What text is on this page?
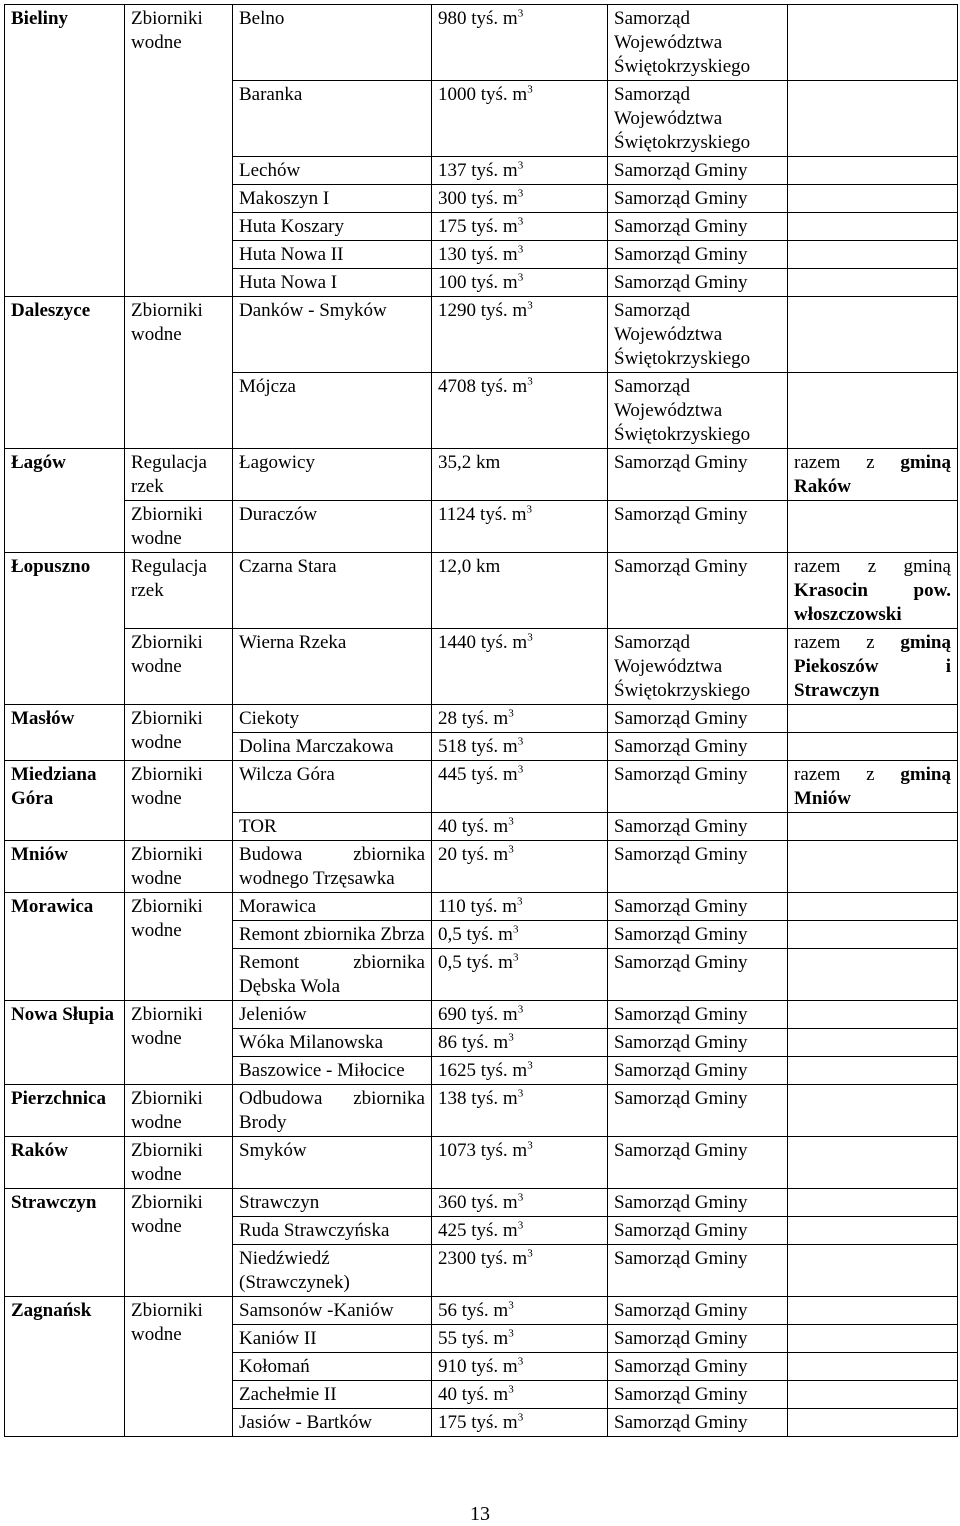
Bieliny	Zbiorniki wodne	Belno	980 tyś. $m^3$	Samorząd Województwa Świętokrzyskiego	
		Baranka	1000 tyś. $m^3$	Samorząd Województwa Świętokrzyskiego	
		Lechów	137 tyś. $m^3$	Samorząd Gminy	
		Makoszyn I	300 tyś. $m^3$	Samorząd Gminy	
		Huta Koszary	175 tyś. $m^3$	Samorząd Gminy	
		Huta Nowa II	130 tyś. $m^3$	Samorząd Gminy	
		Huta Nowa I	100 tyś. $m^3$	Samorząd Gminy	
Daleszyce	Zbiorniki wodne	Danków - Smyków	1290 tyś. $m^3$	Samorząd Województwa Świętokrzyskiego	
		Mójcza	4708 tyś. $m^3$	Samorząd Województwa Świętokrzyskiego	
Łagów	Regulacja rzek	Łagowicy	35,2 km	Samorząd Gminy	razem z gminą Raków
	Zbiorniki wodne	Duraczów	1124 tyś. $m^3$	Samorząd Gminy	
Łopuszno	Regulacja rzek	Czarna Stara	12,0 km	Samorząd Gminy	razem z gminą Krasocin pow. włoszczowski
	Zbiorniki wodne	Wierna Rzeka	1440 tyś. $m^3$	Samorząd Województwa Świętokrzyskiego	razem z gminą Piekoszów i Strawczyn
Masłów	Zbiorniki wodne	Ciekoty	28 tyś. $m^3$	Samorząd Gminy	
		Dolina Marczakowa	518 tyś. $m^3$	Samorząd Gminy	
Miedziana Góra	Zbiorniki wodne	Wilcza Góra	445 tyś. $m^3$	Samorząd Gminy	razem z gminą Mniów
		TOR	40 tyś. $m^3$	Samorząd Gminy	
Mniów	Zbiorniki wodne	Budowa zbiornika wodnego Trzęsawka	20 tyś. $m^3$	Samorząd Gminy	
Morawica	Zbiorniki wodne	Morawica	110 tyś. $m^3$	Samorząd Gminy	
		Remont zbiornika Zbrza	0,5 tyś. $m^3$	Samorząd Gminy	
		Remont zbiornika Dębska Wola	0,5 tyś. $m^3$	Samorząd Gminy	
Nowa Słupia	Zbiorniki wodne	Jeleniów	690 tyś. $m^3$	Samorząd Gminy	
		Wóka Milanowska	86 tyś. $m^3$	Samorząd Gminy	
		Baszowice - Miłocice	1625 tyś. $m^3$	Samorząd Gminy	
Pierzchnica	Zbiorniki wodne	Odbudowa zbiornika Brody	138 tyś. $m^3$	Samorząd Gminy	
Raków	Zbiorniki wodne	Smyków	1073 tyś. $m^3$	Samorząd Gminy	
Strawczyn	Zbiorniki wodne	Strawczyn	360 tyś. $m^3$	Samorząd Gminy	
		Ruda Strawczyńska	425 tyś. $m^3$	Samorząd Gminy	
		Niedźwiedź (Strawczynek)	2300 tyś. $m^3$	Samorząd Gminy	
Zagnańsk	Zbiorniki wodne	Samsonów -Kaniów	56 tyś. $m^3$	Samorząd Gminy	
		Kaniów II	55 tyś. $m^3$	Samorząd Gminy	
		Kołomań	910 tyś. $m^3$	Samorząd Gminy	
		Zachełmie II	40 tyś. $m^3$	Samorząd Gminy	
		Jasiów - Bartków	175 tyś. $m^3$	Samorząd Gminy	
13
